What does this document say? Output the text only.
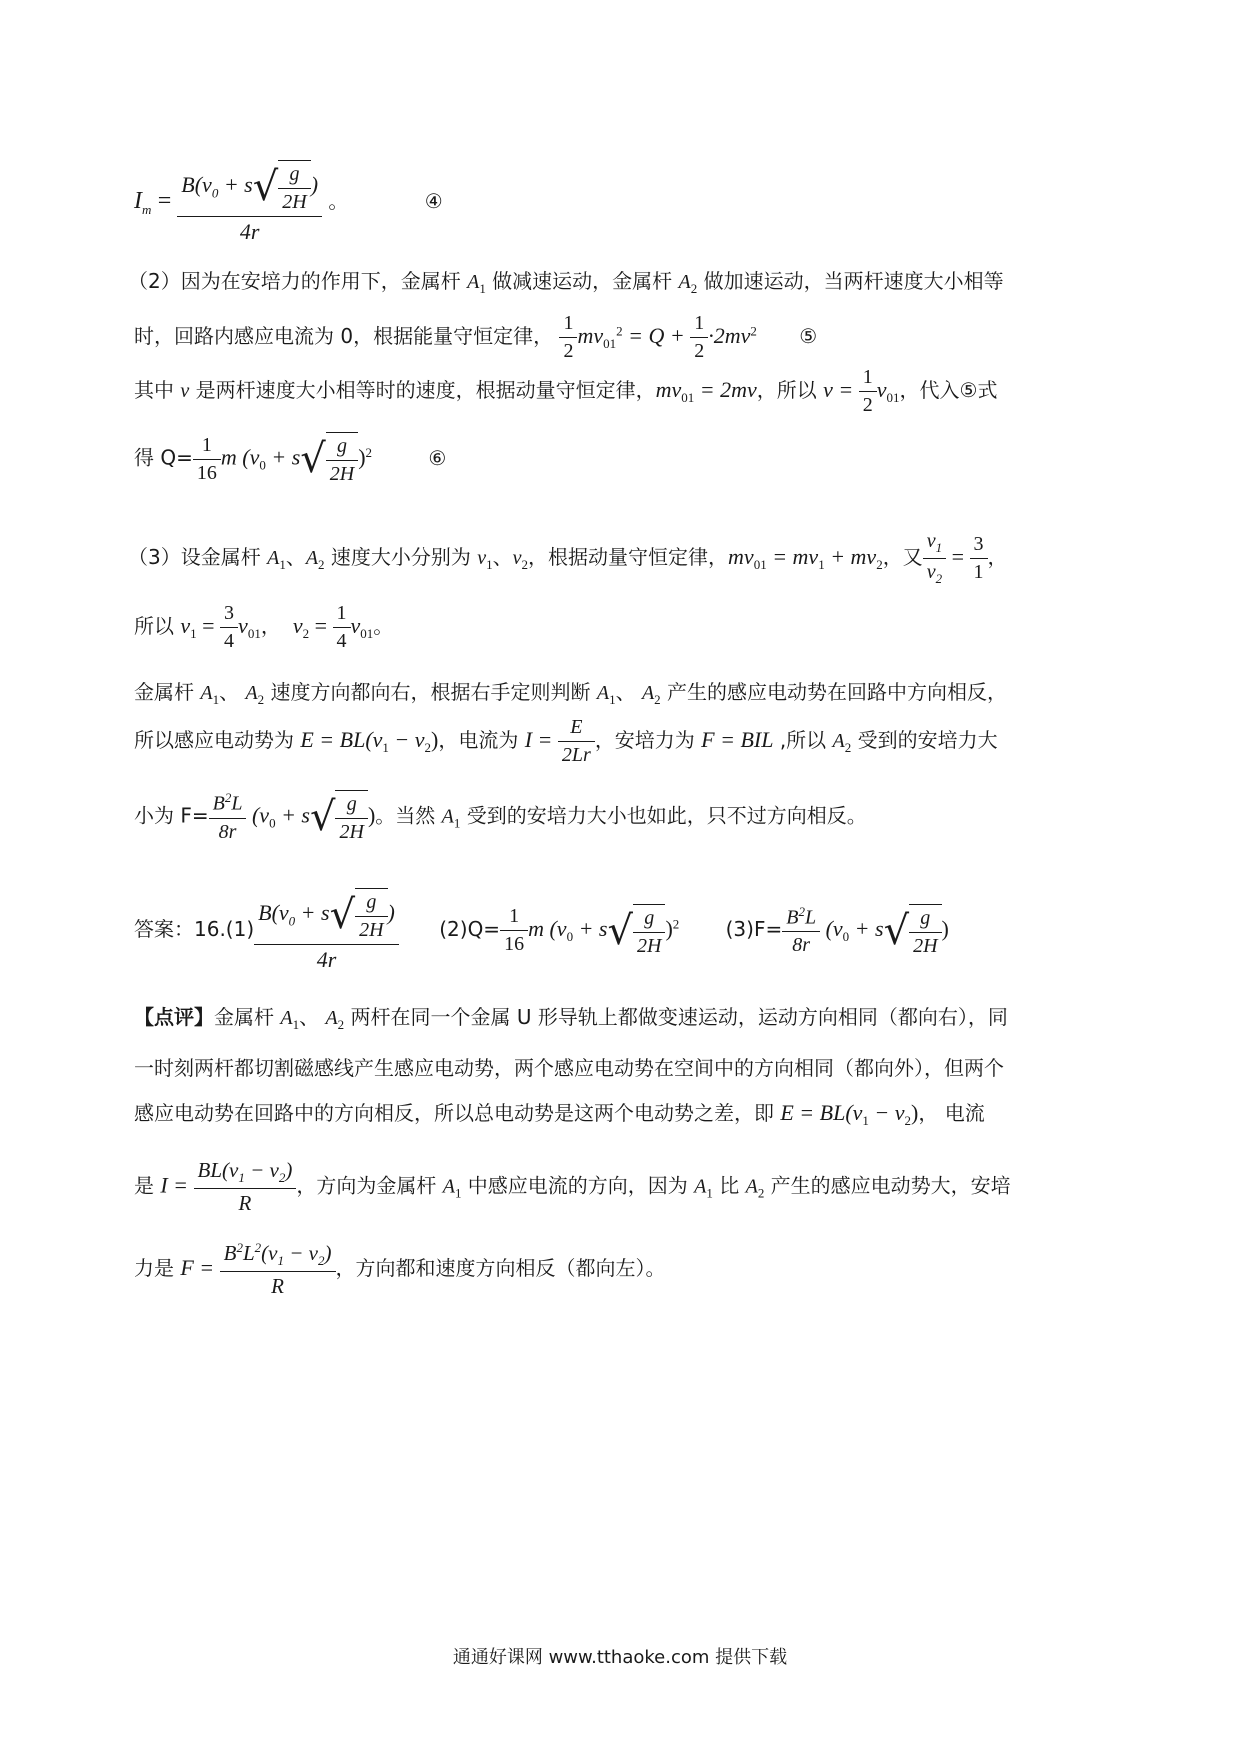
$I_m = \frac{B(v_0 + s√ \frac{g}{2H} )}{4r}$ 。	④
（2）因为在安培力的作用下，金属杆 $A_1$ 做减速运动，金属杆 $A_2$ 做加速运动，当两杆速度大小相等
时，回路内感应电流为 0，根据能量守恒定律， $\frac{1}{2} mv_{01}^2 = Q + \frac{1}{2} \cdot 2mv^2$ ⑤
其中 v 是两杆速度大小相等时的速度，根据动量守恒定律，$mv_{01} = 2mv$，所以 $v = \frac{1}{2} v_{01}$，代入⑤式
得 $Q= \frac{1}{16}$ m $(v_0 + s√ \frac{g}{2H} )^2$	⑥
（3）设金属杆 $A_1$、$A_2$ 速度大小分别为 $v_1$、$v_2$，根据动量守恒定律，$mv_{01} = mv_1 + mv_2$，又 $\frac{v_1}{v_2} = \frac{3}{1}$ ，
所以 $v_1 = \frac{3}{4} v_{01}$， $v_2 = \frac{1}{4} v_{01}$。
金属杆 $A_1$、 $A_2$ 速度方向都向右，根据右手定则判断 $A_1$、 $A_2$ 产生的感应电动势在回路中方向相反，
所以感应电动势为 $E = BL(v_1 - v_2)$，电流为 $I = \frac{E}{2Lr}$ ，安培力为 F = BIL ,所以 $A_2$ 受到的安培力大
小为 $F= \frac{B^2L}{8r} (v_0 + s√ \frac{g}{2H}$ )。当然 $A_1$ 受到的安培力大小也如此，只不过方向相反。
答案：$16.(1) \frac{B(v_0 + s√ \frac{g}{2H} )}{4r} (2)Q= \frac{1}{16}$ m $(v_0 + s√ \frac{g}{2H} )^2$ $(3)F= \frac{B^2L}{8r} (v_0 + s√ \frac{g}{2H}$ )
【点评】金属杆 $A_1$、 $A_2$ 两杆在同一个金属 U 形导轨上都做变速运动，运动方向相同（都向右），同
一时刻两杆都切割磁感线产生感应电动势，两个感应电动势在空间中的方向相同（都向外），但两个
感应电动势在回路中的方向相反，所以总电动势是这两个电动势之差，即 $E = BL(v_1 - v_2)$， 电流
是 $I = \frac{BL(v_1 - v_2)}{R}$ ，方向为金属杆 $A_1$ 中感应电流的方向，因为 $A_1$ 比 $A_2$ 产生的感应电动势大，安培
力是 $F = \frac{B^2L^2(v_1 - v_2)}{R}$ ，方向都和速度方向相反（都向左）。
通通好课网 www.tthaoke.com 提供下载
